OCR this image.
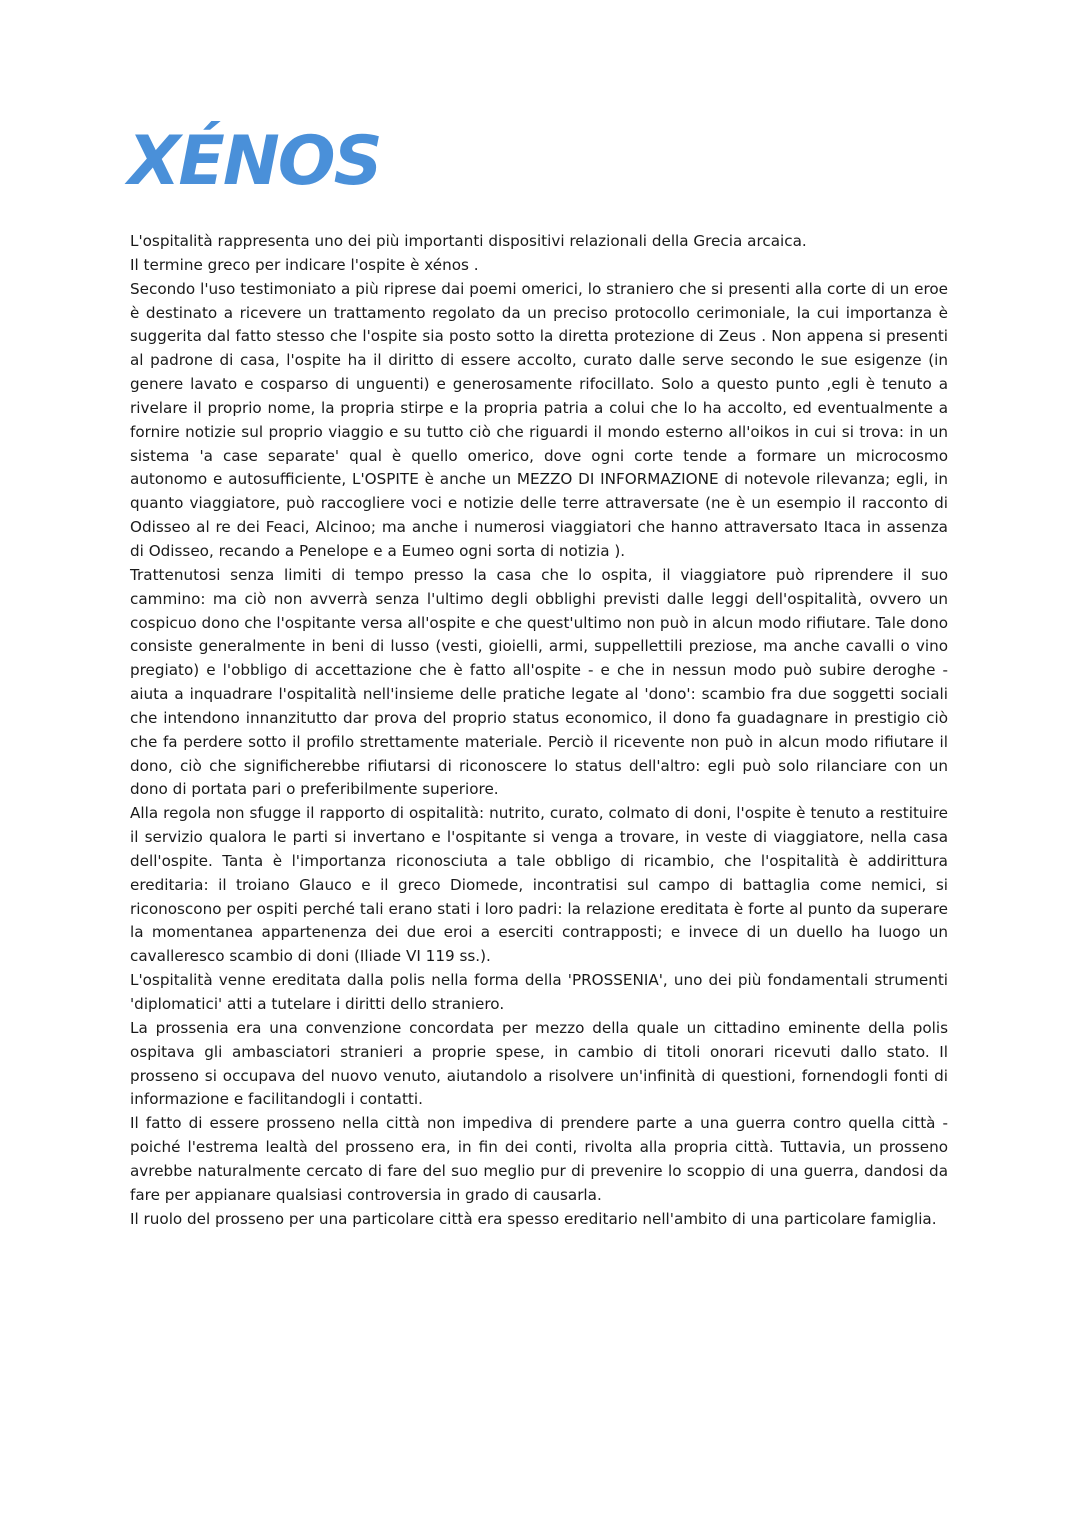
XÉNOS

L'ospitalità rappresenta uno dei più importanti dispositivi relazionali della Grecia arcaica.
Il termine greco per indicare l'ospite è xénos .

Secondo l'uso testimoniato a più riprese dai poemi omerici, lo straniero che si presenti alla corte di un eroe è destinato a ricevere un trattamento regolato da un preciso protocollo cerimoniale, la cui importanza è suggerita dal fatto stesso che l'ospite sia posto sotto la diretta protezione di Zeus . Non appena si presenti al padrone di casa, l'ospite ha il diritto di essere accolto, curato dalle serve secondo le sue esigenze (in genere lavato e cosparso di unguenti) e generosamente rifocillato. Solo a questo punto ,egli è tenuto a rivelare il proprio nome, la propria stirpe e la propria patria a colui che lo ha accolto, ed eventualmente a fornire notizie sul proprio viaggio e su tutto ciò che riguardi il mondo esterno all'oikos in cui si trova: in un sistema 'a case separate' qual è quello omerico, dove ogni corte tende a formare un microcosmo autonomo e autosufficiente, L'OSPITE è anche un MEZZO DI INFORMAZIONE di notevole rilevanza; egli, in quanto viaggiatore, può raccogliere voci e notizie delle terre attraversate (ne è un esempio il racconto di Odisseo al re dei Feaci, Alcinoo; ma anche i numerosi viaggiatori che hanno attraversato Itaca in assenza di Odisseo, recando a Penelope e a Eumeo ogni sorta di notizia ).

Trattenutosi senza limiti di tempo presso la casa che lo ospita, il viaggiatore può riprendere il suo cammino: ma ciò non avverrà senza l'ultimo degli obblighi previsti dalle leggi dell'ospitalità, ovvero un cospicuo dono che l'ospitante versa all'ospite e che quest'ultimo non può in alcun modo rifiutare. Tale dono consiste generalmente in beni di lusso (vesti, gioielli, armi, suppellettili preziose, ma anche cavalli o vino pregiato) e l'obbligo di accettazione che è fatto all'ospite - e che in nessun modo può subire deroghe - aiuta a inquadrare l'ospitalità nell'insieme delle pratiche legate al 'dono': scambio fra due soggetti sociali che intendono innanzitutto dar prova del proprio status economico, il dono fa guadagnare in prestigio ciò che fa perdere sotto il profilo strettamente materiale. Perciò il ricevente non può in alcun modo rifiutare il dono, ciò che significherebbe rifiutarsi di riconoscere lo status dell'altro: egli può solo rilanciare con un dono di portata pari o preferibilmente superiore.

Alla regola non sfugge il rapporto di ospitalità: nutrito, curato, colmato di doni, l'ospite è tenuto a restituire il servizio qualora le parti si invertano e l'ospitante si venga a trovare, in veste di viaggiatore, nella casa dell'ospite. Tanta è l'importanza riconosciuta a tale obbligo di ricambio, che l'ospitalità è addirittura ereditaria: il troiano Glauco e il greco Diomede, incontratisi sul campo di battaglia come nemici, si riconoscono per ospiti perché tali erano stati i loro padri: la relazione ereditata è forte al punto da superare la momentanea appartenenza dei due eroi a eserciti contrapposti; e invece di un duello ha luogo un cavalleresco scambio di doni (Iliade VI 119 ss.).

L'ospitalità venne ereditata dalla polis nella forma della 'PROSSENIA', uno dei più fondamentali strumenti 'diplomatici' atti a tutelare i diritti dello straniero.

La prossenia era una convenzione concordata per mezzo della quale un cittadino eminente della polis ospitava gli ambasciatori stranieri a proprie spese, in cambio di titoli onorari ricevuti dallo stato. Il prosseno si occupava del nuovo venuto, aiutandolo a risolvere un'infinità di questioni, fornendogli fonti di informazione e facilitandogli i contatti.

Il fatto di essere prosseno nella città non impediva di prendere parte a una guerra contro quella città - poiché l'estrema lealtà del prosseno era, in fin dei conti, rivolta alla propria città. Tuttavia, un prosseno avrebbe naturalmente cercato di fare del suo meglio pur di prevenire lo scoppio di una guerra, dandosi da fare per appianare qualsiasi controversia in grado di causarla.

Il ruolo del prosseno per una particolare città era spesso ereditario nell'ambito di una particolare famiglia.
